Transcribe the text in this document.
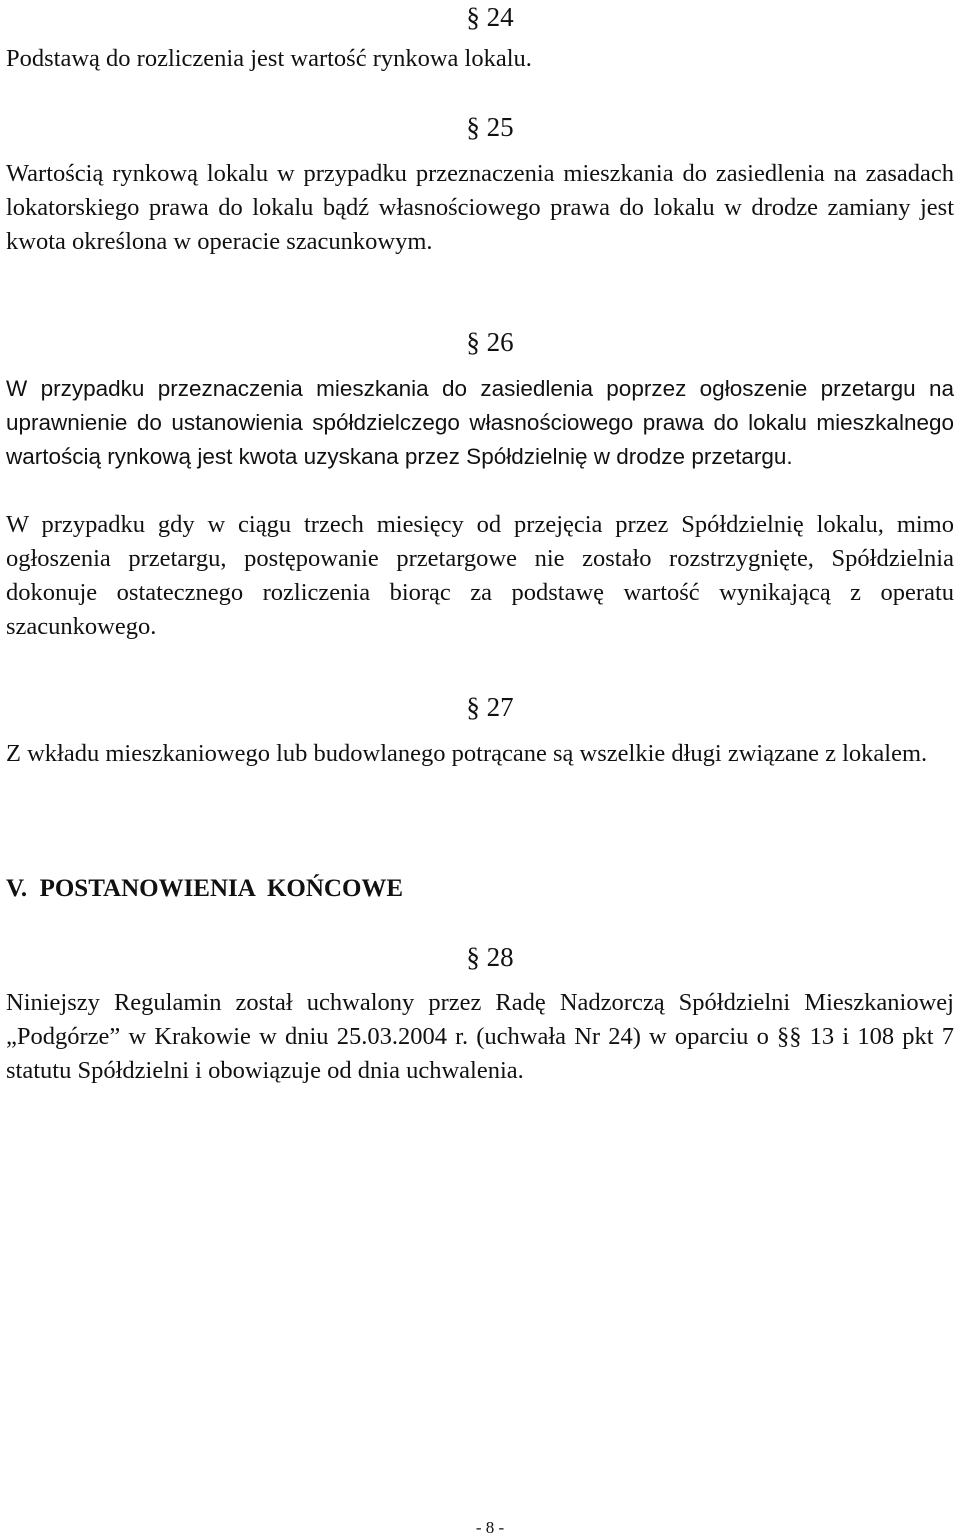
§ 24

Podstawą do rozliczenia jest wartość rynkowa lokalu.

§ 25

Wartością rynkową lokalu w przypadku przeznaczenia mieszkania do zasiedlenia na zasadach lokatorskiego prawa do lokalu bądź własnościowego prawa do lokalu w drodze zamiany jest kwota określona w operacie szacunkowym.

§ 26

W przypadku przeznaczenia mieszkania do zasiedlenia poprzez ogłoszenie przetargu na uprawnienie do ustanowienia spółdzielczego własnościowego prawa do lokalu mieszkalnego wartością rynkową jest kwota uzyskana przez Spółdzielnię w drodze przetargu.

W przypadku gdy w ciągu trzech miesięcy od przejęcia przez Spółdzielnię lokalu, mimo ogłoszenia przetargu, postępowanie przetargowe nie zostało rozstrzygnięte, Spółdzielnia dokonuje ostatecznego rozliczenia biorąc za podstawę wartość wynikającą z operatu szacunkowego.

§ 27

Z wkładu mieszkaniowego lub budowlanego potrącane są wszelkie długi związane z lokalem.

V.  POSTANOWIENIA  KOŃCOWE

§ 28

Niniejszy Regulamin został uchwalony przez Radę Nadzorczą Spółdzielni Mieszkaniowej „Podgórze” w Krakowie w dniu 25.03.2004 r. (uchwała Nr 24) w oparciu o §§ 13 i 108 pkt 7 statutu Spółdzielni i obowiązuje od dnia uchwalenia.

- 8 -
